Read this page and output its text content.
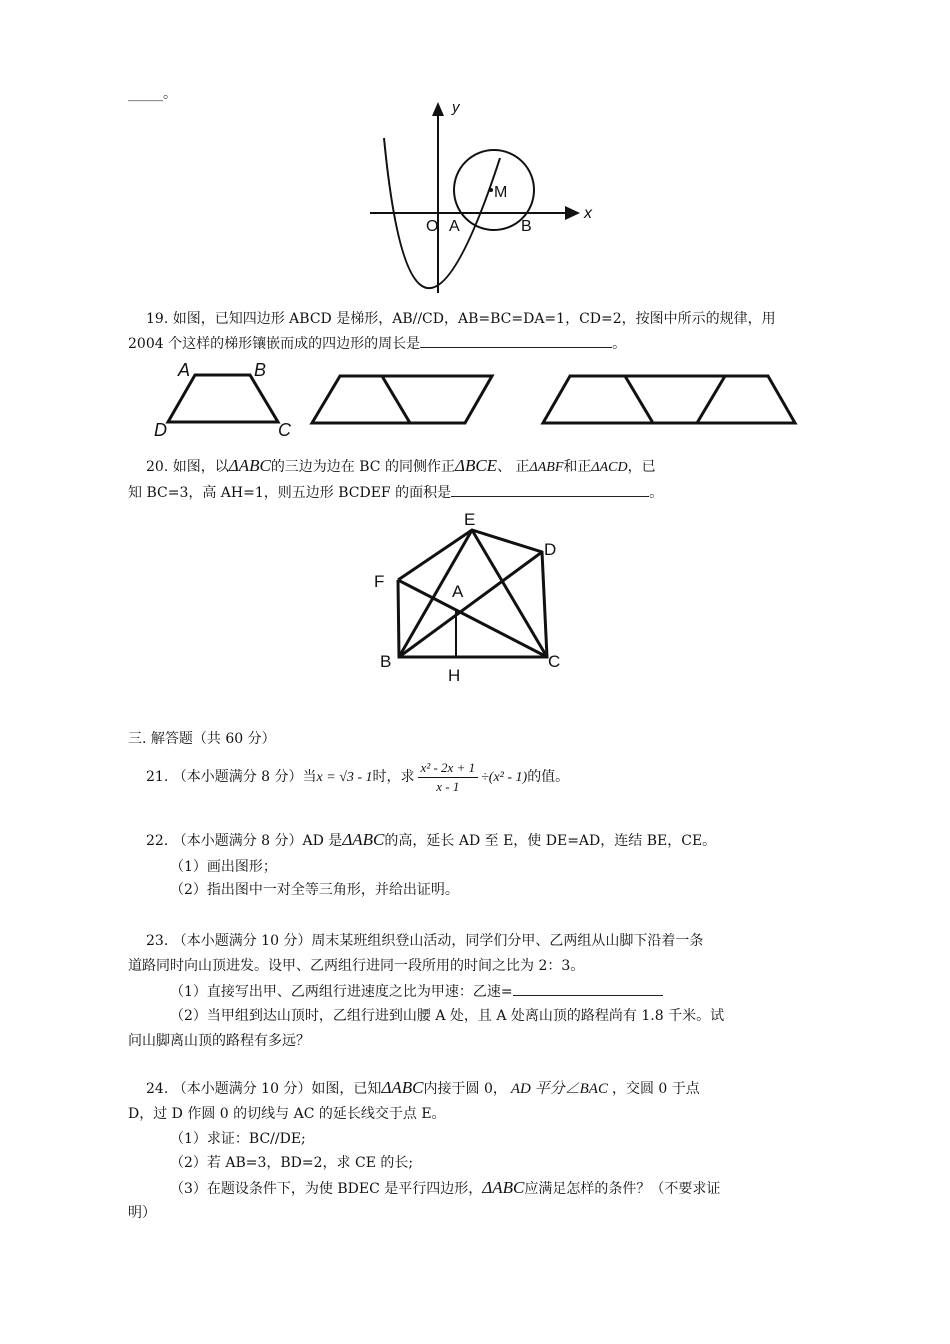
_____。
y
x
M
O A	B
19. 如图，已知四边形 ABCD 是梯形，AB//CD，AB=BC=DA=1，CD=2，按图中所示的规律，用
2004 个这样的梯形镶嵌而成的四边形的周长是	。
A	B
D	C
20. 如图，以ΔABC的三边为边在 BC 的同侧作正ΔBCE、 正ΔABF和正ΔACD，已
知 BC=3，高 AH=1，则五边形 BCDEF 的面积是	。
E
D
F
A
B
H
C
三. 解答题（共 60 分）
21. （本小题满分 8 分）当x = √3 - 1时，求 $\frac{\text{x² - 2x + 1}}{x - 1} \div(x^2 - 1)$的值。
22. （本小题满分 8 分）AD 是ΔABC的高，延长 AD 至 E，使 DE=AD，连结 BE，CE。
（1）画出图形；
（2）指出图中一对全等三角形，并给出证明。
23. （本小题满分 10 分）周末某班组织登山活动，同学们分甲、乙两组从山脚下沿着一条
道路同时向山顶进发。设甲、乙两组行进同一段所用的时间之比为 2：3。
（1）直接写出甲、乙两组行进速度之比为甲速：乙速=
（2）当甲组到达山顶时，乙组行进到山腰 A 处，且 A 处离山顶的路程尚有 1.8 千米。试
问山脚离山顶的路程有多远？
24. （本小题满分 10 分）如图，已知ΔABC内接于圆 0， AD 平分∠BAC ，交圆 0 于点
D，过 D 作圆 0 的切线与 AC 的延长线交于点 E。
（1）求证：BC//DE;
（2）若 AB=3，BD=2，求 CE 的长;
（3）在题设条件下，为使 BDEC 是平行四边形，ΔABC应满足怎样的条件？（不要求证
明）
